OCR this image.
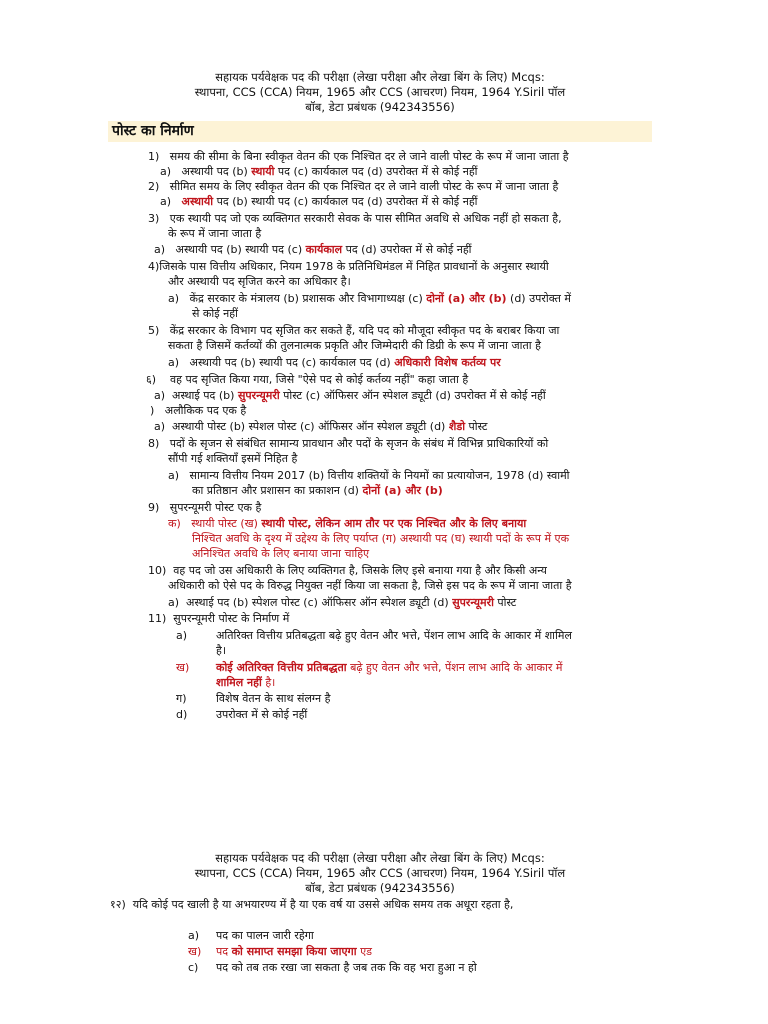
सहायक पर्यवेक्षक पद की परीक्षा (लेखा परीक्षा और लेखा बिंग के लिए) Mcqs:
स्थापना, CCS (CCA) नियम, 1965 और CCS (आचरण) नियम, 1964 Y.Siril पॉल
बॉब, डेटा प्रबंधक (942343556)
पोस्ट का निर्माण
1) समय की सीमा के बिना स्वीकृत वेतन की एक निश्चित दर ले जाने वाली पोस्ट के रूप में जाना जाता है
a) अस्थायी पद (b) स्थायी पद (c) कार्यकाल पद (d) उपरोक्त में से कोई नहीं
2) सीमित समय के लिए स्वीकृत वेतन की एक निश्चित दर ले जाने वाली पोस्ट के रूप में जाना जाता है
a) अस्थायी पद (b) स्थायी पद (c) कार्यकाल पद (d) उपरोक्त में से कोई नहीं
3) एक स्थायी पद जो एक व्यक्तिगत सरकारी सेवक के पास सीमित अवधि से अधिक नहीं हो सकता है,
के रूप में जाना जाता है
a) अस्थायी पद (b) स्थायी पद (c) कार्यकाल पद (d) उपरोक्त में से कोई नहीं
4)जिसके पास वित्तीय अधिकार, नियम 1978 के प्रतिनिधिमंडल में निहित प्रावधानों के अनुसार स्थायी
और अस्थायी पद सृजित करने का अधिकार है।
a) केंद्र सरकार के मंत्रालय (b) प्रशासक और विभागाध्यक्ष (c) दोनों (a) और (b) (d) उपरोक्त में
से कोई नहीं
5) केंद्र सरकार के विभाग पद सृजित कर सकते हैं, यदि पद को मौजूदा स्वीकृत पद के बराबर किया जा
सकता है जिसमें कर्तव्यों की तुलनात्मक प्रकृति और जिम्मेदारी की डिग्री के रूप में जाना जाता है
a) अस्थायी पद (b) स्थायी पद (c) कार्यकाल पद (d) अधिकारी विशेष कर्तव्य पर
६) वह पद सृजित किया गया, जिसे "ऐसे पद से कोई कर्तव्य नहीं" कहा जाता है
a) अस्थाई पद (b) सुपरन्यूमरी पोस्ट (c) ऑफिसर ऑन स्पेशल ड्यूटी (d) उपरोक्त में से कोई नहीं
) अलौकिक पद एक है
a) अस्थायी पोस्ट (b) स्पेशल पोस्ट (c) ऑफिसर ऑन स्पेशल ड्यूटी (d) शैडो पोस्ट
8) पदों के सृजन से संबंधित सामान्य प्रावधान और पदों के सृजन के संबंध में विभिन्न प्राधिकारियों को
सौंपी गई शक्तियाँ इसमें निहित है
a) सामान्य वित्तीय नियम 2017 (b) वित्तीय शक्तियों के नियमों का प्रत्यायोजन, 1978 (d) स्वामी
का प्रतिष्ठान और प्रशासन का प्रकाशन (d) दोनों (a) और (b)
9) सुपरन्यूमरी पोस्ट एक है
क) स्थायी पोस्ट (ख) स्थायी पोस्ट, लेकिन आम तौर पर एक निश्चित और के लिए बनाया
निश्चित अवधि के दृश्य में उद्देश्य के लिए पर्याप्त (ग) अस्थायी पद (घ) स्थायी पदों के रूप में एक
अनिश्चित अवधि के लिए बनाया जाना चाहिए
10) वह पद जो उस अधिकारी के लिए व्यक्तिगत है, जिसके लिए इसे बनाया गया है और किसी अन्य
अधिकारी को ऐसे पद के विरुद्ध नियुक्त नहीं किया जा सकता है, जिसे इस पद के रूप में जाना जाता है
a) अस्थाई पद (b) स्पेशल पोस्ट (c) ऑफिसर ऑन स्पेशल ड्यूटी (d) सुपरन्यूमरी पोस्ट
11) सुपरन्यूमरी पोस्ट के निर्माण में
a)	अतिरिक्त वित्तीय प्रतिबद्धता बढ़े हुए वेतन और भत्ते, पेंशन लाभ आदि के आकार में शामिल
है।
ख) कोई अतिरिक्त वित्तीय प्रतिबद्धता बढ़े हुए वेतन और भत्ते, पेंशन लाभ आदि के आकार में
शामिल नहीं है।
ग)	विशेष वेतन के साथ संलग्न है
d)	उपरोक्त में से कोई नहीं
सहायक पर्यवेक्षक पद की परीक्षा (लेखा परीक्षा और लेखा बिंग के लिए) Mcqs:
स्थापना, CCS (CCA) नियम, 1965 और CCS (आचरण) नियम, 1964 Y.Siril पॉल
बॉब, डेटा प्रबंधक (942343556)
१२) यदि कोई पद खाली है या अभयारण्य में है या एक वर्ष या उससे अधिक समय तक अधूरा रहता है,
a) पद का पालन जारी रहेगा
ख) पद को समाप्त समझा किया जाएगा एड
c) पद को तब तक रखा जा सकता है जब तक कि वह भरा हुआ न हो
